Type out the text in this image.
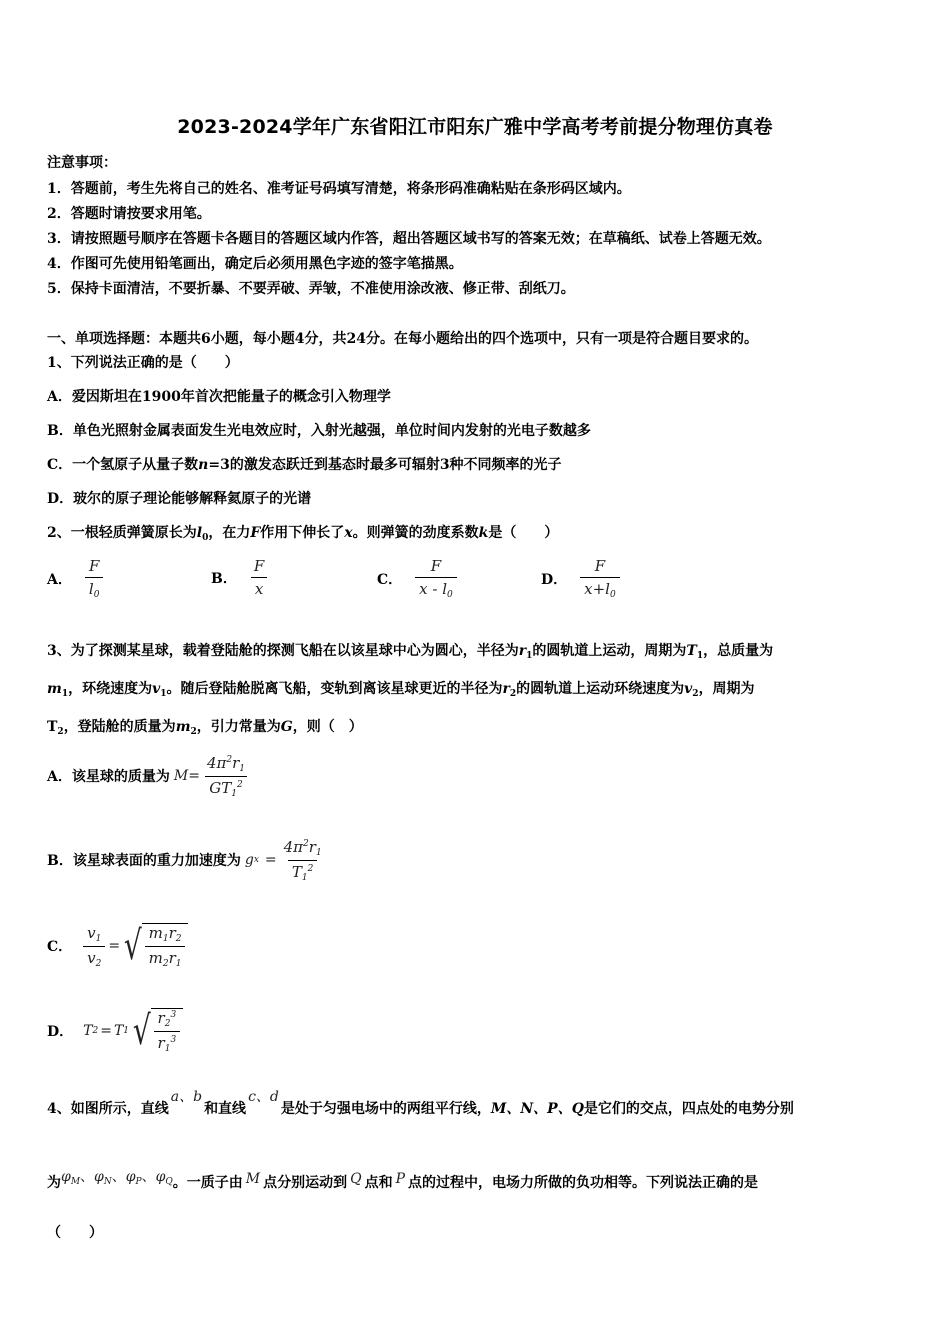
2023-2024学年广东省阳江市阳东广雅中学高考考前提分物理仿真卷
注意事项：
1．答题前，考生先将自己的姓名、准考证号码填写清楚，将条形码准确粘贴在条形码区域内。
2．答题时请按要求用笔。
3．请按照题号顺序在答题卡各题目的答题区域内作答，超出答题区域书写的答案无效；在草稿纸、试卷上答题无效。
4．作图可先使用铅笔画出，确定后必须用黑色字迹的签字笔描黑。
5．保持卡面清洁，不要折暴、不要弄破、弄皱，不准使用涂改液、修正带、刮纸刀。
一、单项选择题：本题共6小题，每小题4分，共24分。在每小题给出的四个选项中，只有一项是符合题目要求的。
1、下列说法正确的是（　　）
A．爱因斯坦在1900年首次把能量子的概念引入物理学
B．单色光照射金属表面发生光电效应时，入射光越强，单位时间内发射的光电子数越多
C．一个氢原子从量子数n=3的激发态跃迁到基态时最多可辐射3种不同频率的光子
D．玻尔的原子理论能够解释氦原子的光谱
2、一根轻质弹簧原长为$l_0$，在力F作用下伸长了x。则弹簧的劲度系数k是（　　）
A． $\frac{F}{l_0}$	B． $\frac{F}{x}$	C． $\frac{F}{x - l_0}$	D． $\frac{F}{x+l_0}$
3、为了探测某星球，载着登陆舱的探测飞船在以该星球中心为圆心，半径为$r_1$的圆轨道上运动，周期为$T_1$，总质量为
$m_1$，环绕速度为$v_1$。随后登陆舱脱离飞船，变轨到离该星球更近的半径为$r_2$的圆轨道上运动环绕速度为$v_2$，周期为
$T_2$，登陆舱的质量为$m_2$，引力常量为G，则（　）
A．该星球的质量为 $M = \frac{4\pi^2r_1}{GT_1^2}$
B．该星球表面的重力加速度为 g $x = \frac{4\pi^2r_1}{T_1^2}$
C． $\frac{v_1}{v_2}$ = √ $\frac{m_1r_2}{m_2r_1}$
D． T 2 = T 1 √ $\frac{r_2^3}{r_1^3}$
4、如图所示，直线a、b和直线c、d是处于匀强电场中的两组平行线，M、N、P、Q是它们的交点，四点处的电势分别
为$\varphi_M$、$\varphi_N$、$\varphi_P$、$\varphi_Q$。一质子由 M 点分别运动到 Q 点和 P 点的过程中，电场力所做的负功相等。下列说法正确的是
（　　）
